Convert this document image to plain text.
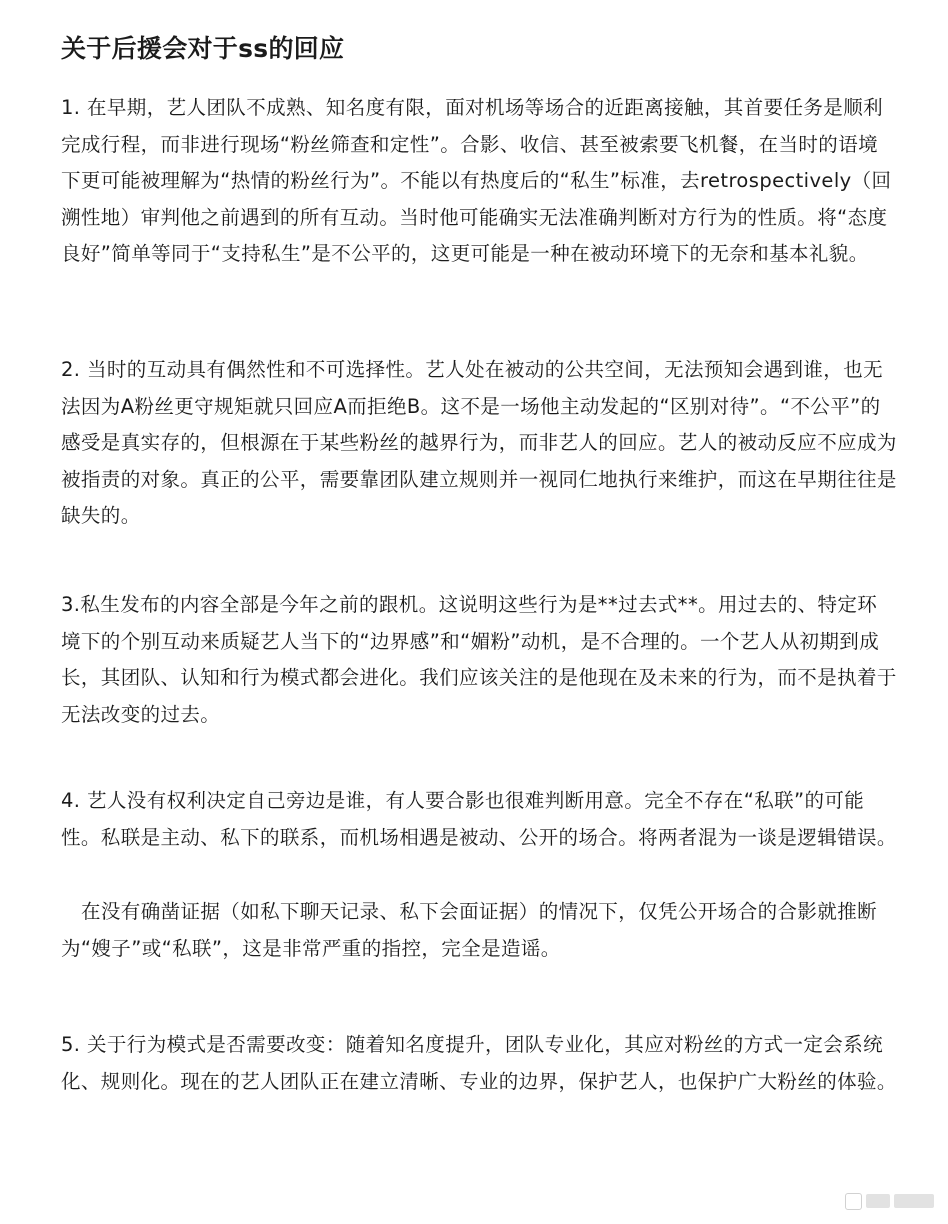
关于后援会对于ss的回应

1. 在早期，艺人团队不成熟、知名度有限，面对机场等场合的近距离接触，其首要任务是顺利完成行程，而非进行现场“粉丝筛查和定性”。合影、收信、甚至被索要飞机餐，在当时的语境下更可能被理解为“热情的粉丝行为”。不能以有热度后的“私生”标准，去retrospectively（回溯性地）审判他之前遇到的所有互动。当时他可能确实无法准确判断对方行为的性质。将“态度良好”简单等同于“支持私生”是不公平的，这更可能是一种在被动环境下的无奈和基本礼貌。

2. 当时的互动具有偶然性和不可选择性。艺人处在被动的公共空间，无法预知会遇到谁，也无法因为A粉丝更守规矩就只回应A而拒绝B。这不是一场他主动发起的“区别对待”。“不公平”的感受是真实存的，但根源在于某些粉丝的越界行为，而非艺人的回应。艺人的被动反应不应成为被指责的对象。真正的公平，需要靠团队建立规则并一视同仁地执行来维护，而这在早期往往是缺失的。

3.私生发布的内容全部是今年之前的跟机。这说明这些行为是**过去式**。用过去的、特定环境下的个别互动来质疑艺人当下的“边界感”和“媚粉”动机，是不合理的。一个艺人从初期到成长，其团队、认知和行为模式都会进化。我们应该关注的是他现在及未来的行为，而不是执着于无法改变的过去。

4. 艺人没有权利决定自己旁边是谁，有人要合影也很难判断用意。完全不存在“私联”的可能性。私联是主动、私下的联系，而机场相遇是被动、公开的场合。将两者混为一谈是逻辑错误。

在没有确凿证据（如私下聊天记录、私下会面证据）的情况下，仅凭公开场合的合影就推断为“嫂子”或“私联”，这是非常严重的指控，完全是造谣。

5. 关于行为模式是否需要改变：随着知名度提升，团队专业化，其应对粉丝的方式一定会系统化、规则化。现在的艺人团队正在建立清晰、专业的边界，保护艺人，也保护广大粉丝的体验。
